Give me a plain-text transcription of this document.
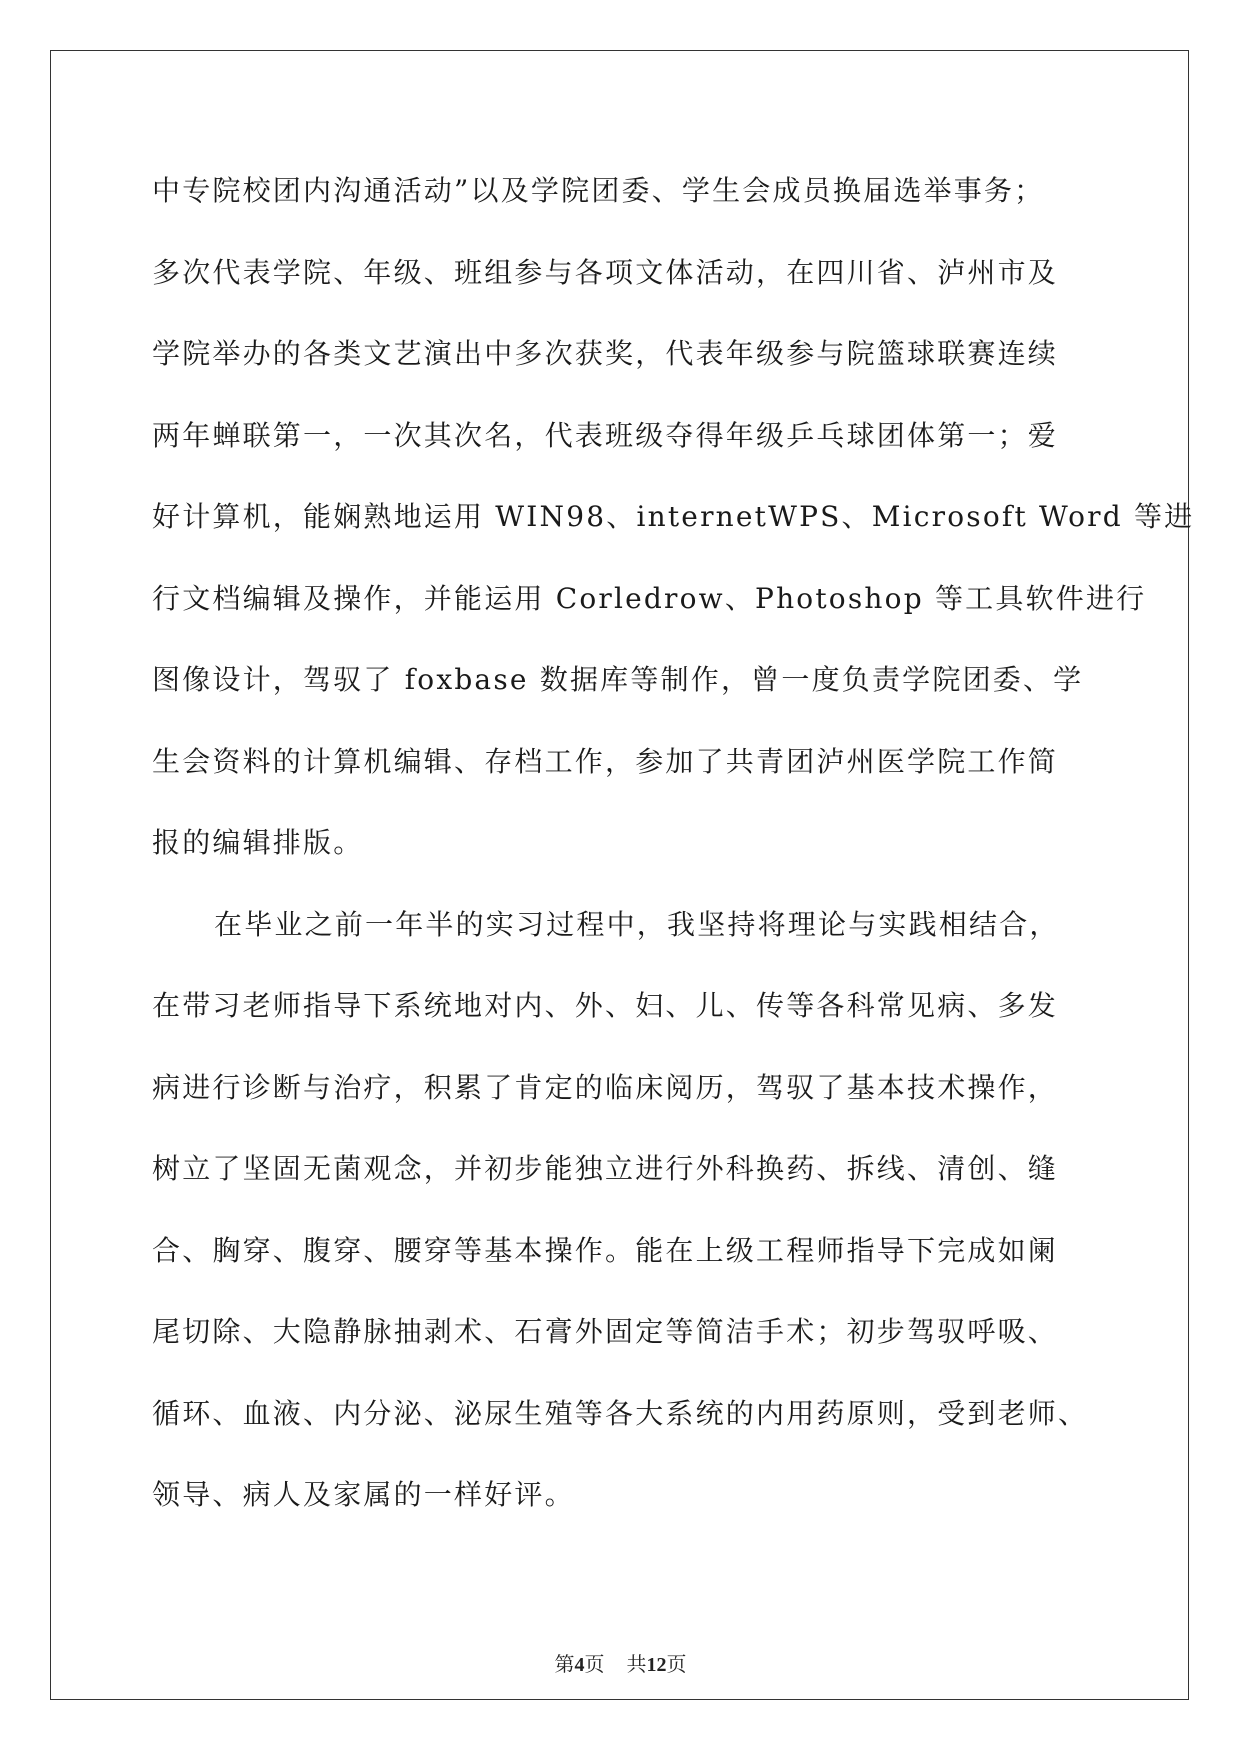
中专院校团内沟通活动”以及学院团委、学生会成员换届选举事务；
多次代表学院、年级、班组参与各项文体活动，在四川省、泸州市及
学院举办的各类文艺演出中多次获奖，代表年级参与院篮球联赛连续
两年蝉联第一，一次其次名，代表班级夺得年级乒乓球团体第一；爱
好计算机，能娴熟地运用 WIN98、internetWPS、Microsoft Word 等进
行文档编辑及操作，并能运用 Corledrow、Photoshop 等工具软件进行
图像设计，驾驭了 foxbase 数据库等制作，曾一度负责学院团委、学
生会资料的计算机编辑、存档工作，参加了共青团泸州医学院工作简
报的编辑排版。
在毕业之前一年半的实习过程中，我坚持将理论与实践相结合，
在带习老师指导下系统地对内、外、妇、儿、传等各科常见病、多发
病进行诊断与治疗，积累了肯定的临床阅历，驾驭了基本技术操作，
树立了坚固无菌观念，并初步能独立进行外科换药、拆线、清创、缝
合、胸穿、腹穿、腰穿等基本操作。能在上级工程师指导下完成如阑
尾切除、大隐静脉抽剥术、石膏外固定等简洁手术；初步驾驭呼吸、
循环、血液、内分泌、泌尿生殖等各大系统的内用药原则，受到老师、
领导、病人及家属的一样好评。
第4页 共12页
